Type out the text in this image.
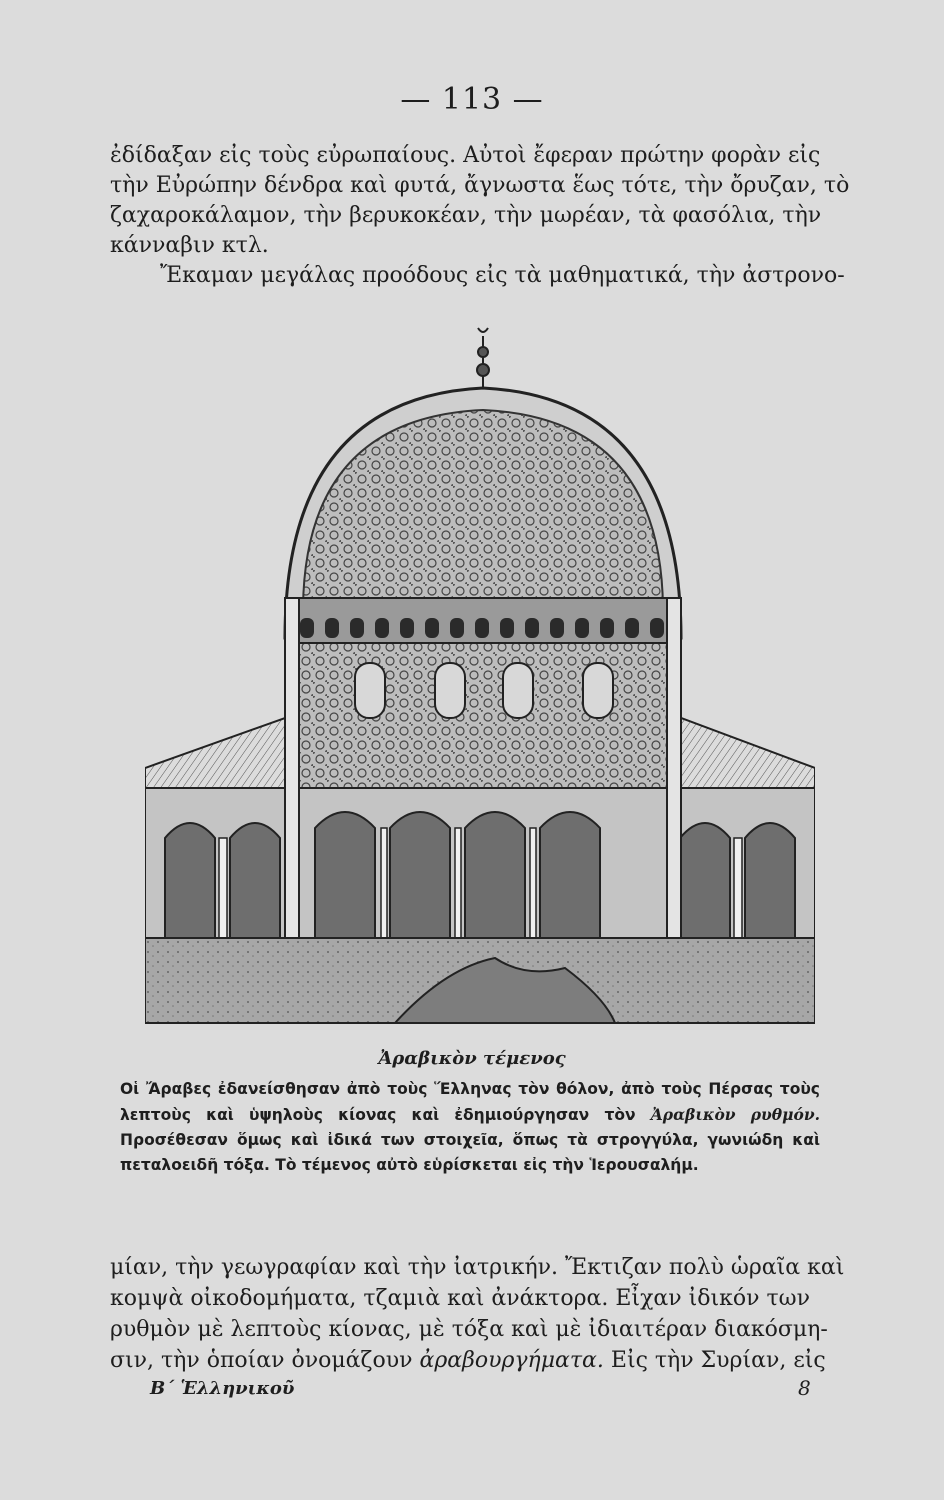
— 113 —

ἐδίδαξαν εἰς τοὺς εὐρωπαίους. Αὐτοὶ ἔφεραν πρώτην φορὰν εἰς

τὴν Εὐρώπην δένδρα καὶ φυτά, ἄγνωστα ἕως τότε, τὴν ὄρυζαν, τὸ

ζαχαροκάλαμον, τὴν βερυκοκέαν, τὴν μωρέαν, τὰ φασόλια, τὴν

κάνναβιν κτλ.

Ἔκαμαν μεγάλας προόδους εἰς τὰ μαθηματικά, τὴν ἀστρονο-

Ἀραβικὸν τέμενος
Οἱ Ἄραβες ἐδανείσθησαν ἀπὸ τοὺς Ἕλληνας τὸν θόλον, ἀπὸ τοὺς Πέρσας τοὺς λεπτοὺς καὶ ὑψηλοὺς κίονας καὶ ἐδημιούργησαν τὸν Ἀραβικὸν ρυθμόν. Προσέθεσαν ὅμως καὶ ἰδικά των στοιχεῖα, ὅπως τὰ στρογγύλα, γωνιώδη καὶ πεταλοειδῆ τόξα. Τὸ τέμενος αὐτὸ εὑρίσκεται εἰς τὴν Ἱερουσαλήμ.

μίαν, τὴν γεωγραφίαν καὶ τὴν ἰατρικήν. Ἔκτιζαν πολὺ ὡραῖα καὶ

κομψὰ οἰκοδομήματα, τζαμιὰ καὶ ἀνάκτορα. Εἶχαν ἰδικόν των

ρυθμὸν μὲ λεπτοὺς κίονας, μὲ τόξα καὶ μὲ ἰδιαιτέραν διακόσμη-

σιν, τὴν ὁποίαν ὀνομάζουν ἀραβουργήματα. Εἰς τὴν Συρίαν, εἰς

Β΄ Ἑλληνικοῦ	8
